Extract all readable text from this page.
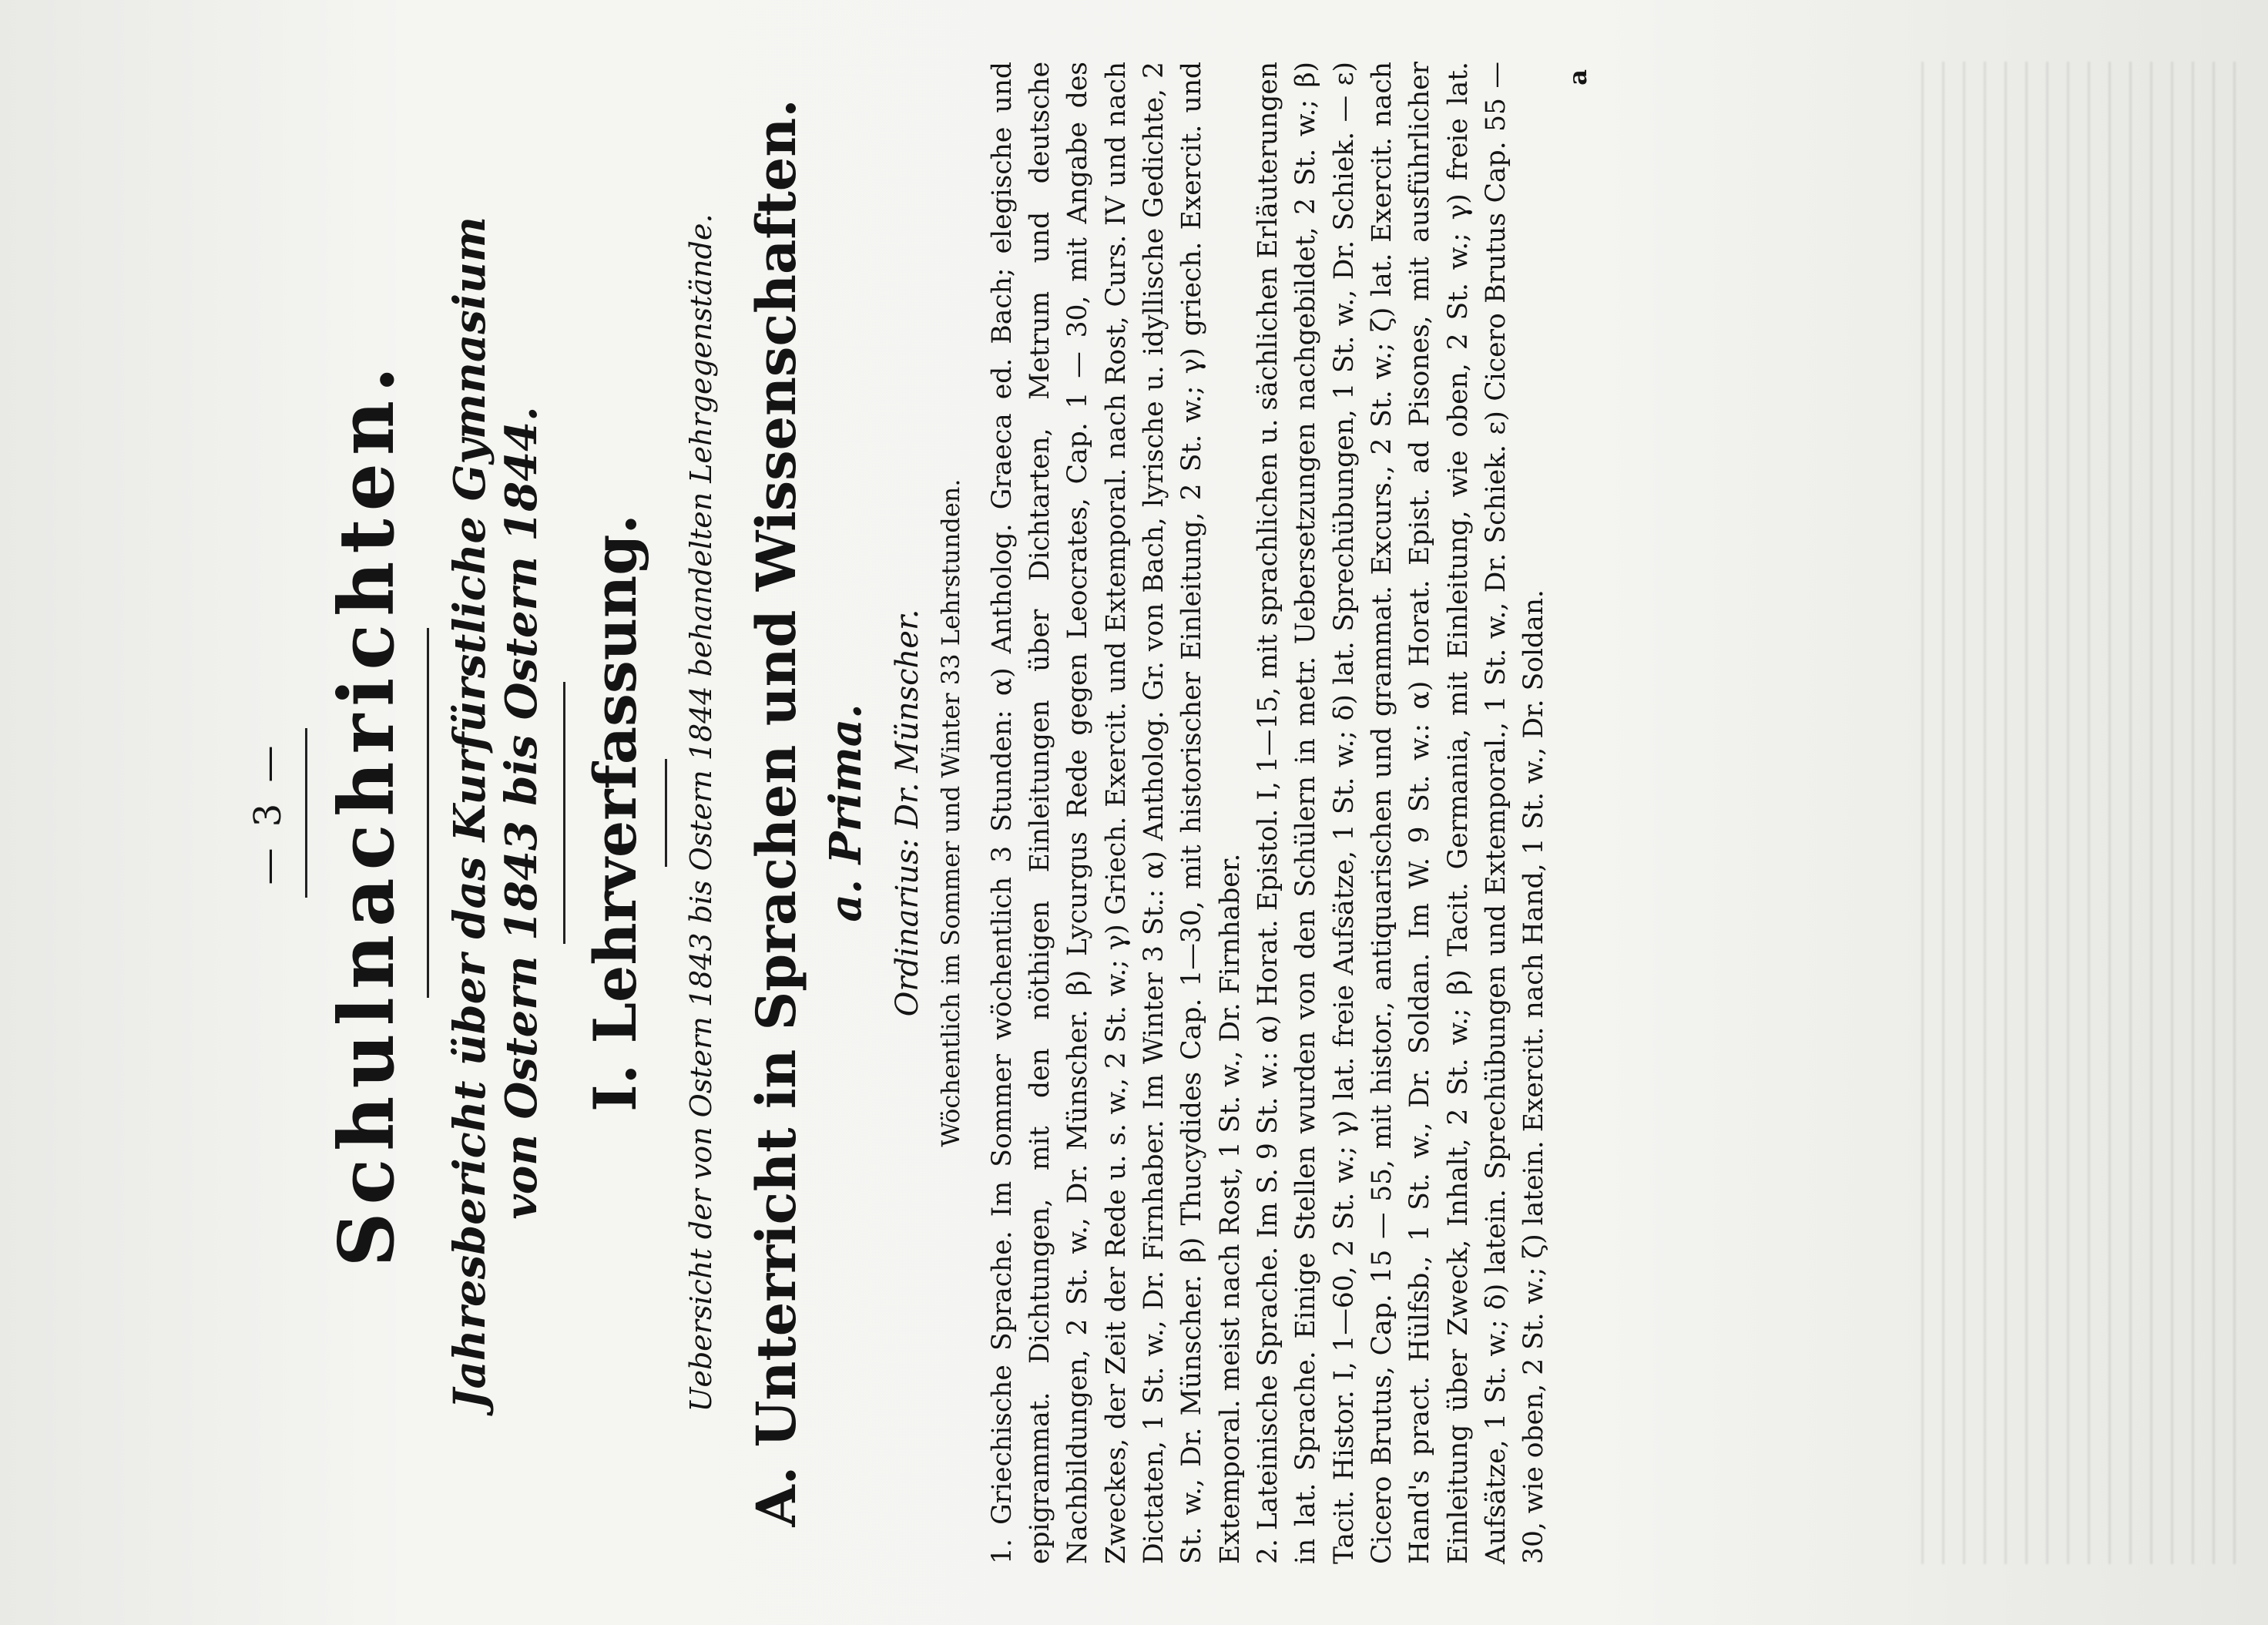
— 3 — Schulnachrichten. Jahresbericht über das Kurfürstliche Gymnasium von Ostern 1843 bis Ostern 1844. I. Lehrverfassung. Uebersicht der von Ostern 1843 bis Ostern 1844 behandelten Lehrgegenstände. A. Unterricht in Sprachen und Wissenschaften. a. Prima. Ordinarius: Dr. Münscher. Wöchentlich im Sommer und Winter 33 Lehrstunden. 1. Griechische Sprache. Im Sommer wöchentlich 3 Stunden: α) Antholog. Graeca ed. Bach; elegische und epigrammat. Dichtungen, mit den nöthigen Einleitungen über Dichtarten, Metrum und deutsche Nachbildungen, 2 St. w., Dr. Münscher. β) Lycurgus Rede gegen Leocrates, Cap. 1 — 30, mit Angabe des Zweckes, der Zeit der Rede u. s. w., 2 St. w.; γ) Griech. Exercit. und Extemporal. nach Rost, Curs. IV und nach Dictaten, 1 St. w., Dr. Firnhaber. Im Winter 3 St.: α) Antholog. Gr. von Bach, lyrische u. idyllische Gedichte, 2 St. w., Dr. Münscher. β) Thucydides Cap. 1—30, mit historischer Einleitung, 2 St. w.; γ) griech. Exercit. und Extemporal. meist nach Rost, 1 St. w., Dr. Firnhaber. 2. Lateinische Sprache. Im S. 9 St. w.: α) Horat. Epistol. I, 1—15, mit sprachlichen u. sächlichen Erläuterungen in lat. Sprache. Einige Stellen wurden von den Schülern in metr. Uebersetzungen nachgebildet, 2 St. w.; β) Tacit. Histor. I, 1—60, 2 St. w.; γ) lat. freie Aufsätze, 1 St. w.; δ) lat. Sprechübungen, 1 St. w., Dr. Schiek. — ε) Cicero Brutus, Cap. 15 — 55, mit histor., antiquarischen und grammat. Excurs., 2 St. w.; ζ) lat. Exercit. nach Hand's pract. Hülfsb., 1 St. w., Dr. Soldan. Im W. 9 St. w.: α) Horat. Epist. ad Pisones, mit ausführlicher Einleitung über Zweck, Inhalt, 2 St. w.; β) Tacit. Germania, mit Einleitung, wie oben, 2 St. w.; γ) freie lat. Aufsätze, 1 St. w.; δ) latein. Sprechübungen und Extemporal., 1 St. w., Dr. Schiek. ε) Cicero Brutus Cap. 55 — 30, wie oben, 2 St. w.; ζ) latein. Exercit. nach Hand, 1 St. w., Dr. Soldan.

a
